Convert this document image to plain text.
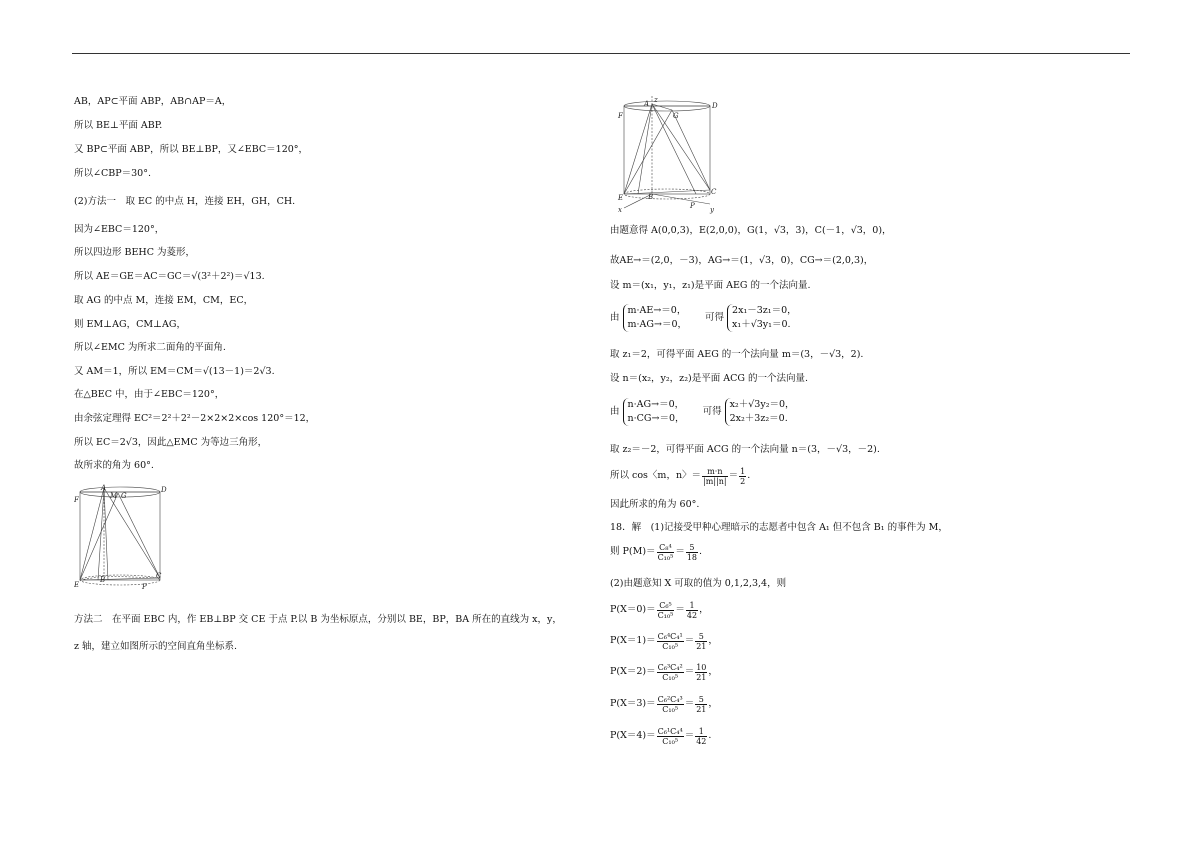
AB，AP⊂平面 ABP，AB∩AP＝A，
所以 BE⊥平面 ABP.
又 BP⊂平面 ABP，所以 BE⊥BP，又∠EBC＝120°，
所以∠CBP＝30°.
(2)方法一　取 EC 的中点 H，连接 EH，GH，CH.
因为∠EBC＝120°，
所以四边形 BEHC 为菱形，
所以 AE＝GE＝AC＝GC＝√(3²＋2²)＝√13.
取 AG 的中点 M，连接 EM，CM，EC，
则 EM⊥AG，CM⊥AG，
所以∠EMC 为所求二面角的平面角.
又 AM＝1，所以 EM＝CM＝√(13－1)＝2√3.
在△BEC 中，由于∠EBC＝120°，
由余弦定理得 EC²＝2²＋2²－2×2×2×cos 120°＝12，
所以 EC＝2√3，因此△EMC 为等边三角形，
故所求的角为 60°.
A
M G
D
F
E
B
P
C
方法二　在平面 EBC 内，作 EB⊥BP 交 CE 于点 P.以 B 为坐标原点，分别以 BE，BP，BA 所在的直线为 x，y，
z 轴，建立如图所示的空间直角坐标系.
z
A	D
F	G
E	B
C
x	P y
由题意得 A(0,0,3)，E(2,0,0)，G(1，√3，3)，C(－1，√3，0)，
故AE→＝(2,0，－3)，AG→＝(1，√3，0)，CG→＝(2,0,3)，
设 m＝(x₁，y₁，z₁)是平面 AEG 的一个法向量.
由
m·AE→＝0，
m·AG→＝0，
可得
2x₁－3z₁＝0，
x₁＋√3y₁＝0.
取 z₁＝2，可得平面 AEG 的一个法向量 m＝(3，－√3，2).
设 n＝(x₂，y₂，z₂)是平面 ACG 的一个法向量.
由
n·AG→＝0，
n·CG→＝0，
可得
x₂＋√3y₂＝0，
2x₂＋3z₂＝0.
取 z₂＝－2，可得平面 ACG 的一个法向量 n＝(3，－√3，－2).
所以 cos〈m，n〉＝ $\frac{m\cdot n}{|m||n|} = \frac{1}{2}$ .
因此所求的角为 60°.
18．解　(1)记接受甲种心理暗示的志愿者中包含 A₁ 但不包含 B₁ 的事件为 M，
则 $P(M)= \frac{\text{C₈⁴}}{\text{C₁₀⁵}} = \frac{5}{18}$ .
(2)由题意知 X 可取的值为 0,1,2,3,4，则
$P(X=0)= \frac{\text{C₆⁵}}{\text{C₁₀⁵}} = \frac{1}{42}$ ，
$P(X=1)= \frac{\text{C₆⁴C₄¹}}{\text{C₁₀⁵}} = \frac{5}{21}$ ，
$P(X=2)= \frac{\text{C₆³C₄²}}{\text{C₁₀⁵}} = \frac{10}{21}$ ，
$P(X=3)= \frac{\text{C₆²C₄³}}{\text{C₁₀⁵}} = \frac{5}{21}$ ，
$P(X=4)= \frac{\text{C₆¹C₄⁴}}{\text{C₁₀⁵}} = \frac{1}{42}$ .
